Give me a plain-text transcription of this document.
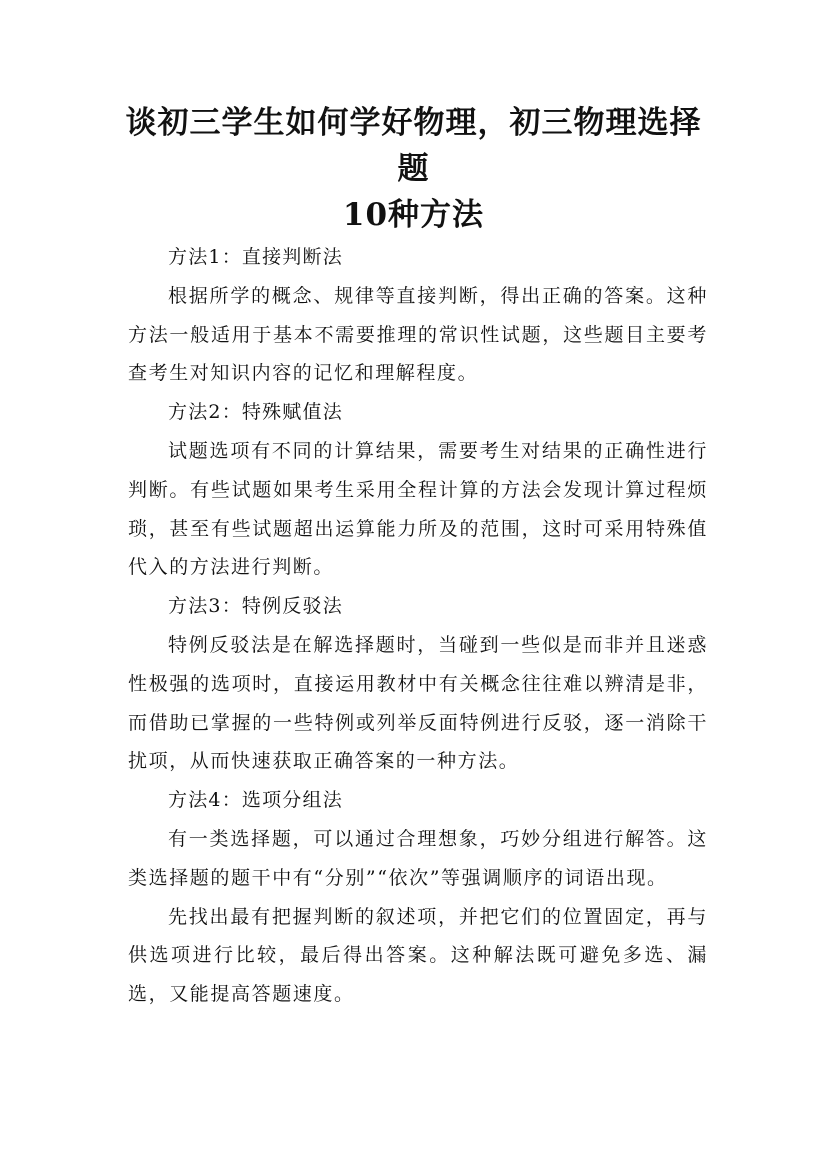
谈初三学生如何学好物理，初三物理选择题
10种方法

方法1：直接判断法

根据所学的概念、规律等直接判断，得出正确的答案。这种方法一般适用于基本不需要推理的常识性试题，这些题目主要考查考生对知识内容的记忆和理解程度。

方法2：特殊赋值法

试题选项有不同的计算结果，需要考生对结果的正确性进行判断。有些试题如果考生采用全程计算的方法会发现计算过程烦琐，甚至有些试题超出运算能力所及的范围，这时可采用特殊值代入的方法进行判断。

方法3：特例反驳法

特例反驳法是在解选择题时，当碰到一些似是而非并且迷惑性极强的选项时，直接运用教材中有关概念往往难以辨清是非，而借助已掌握的一些特例或列举反面特例进行反驳，逐一消除干扰项，从而快速获取正确答案的一种方法。

方法4：选项分组法

有一类选择题，可以通过合理想象，巧妙分组进行解答。这类选择题的题干中有“分别”“依次”等强调顺序的词语出现。

先找出最有把握判断的叙述项，并把它们的位置固定，再与供选项进行比较，最后得出答案。这种解法既可避免多选、漏选，又能提高答题速度。
